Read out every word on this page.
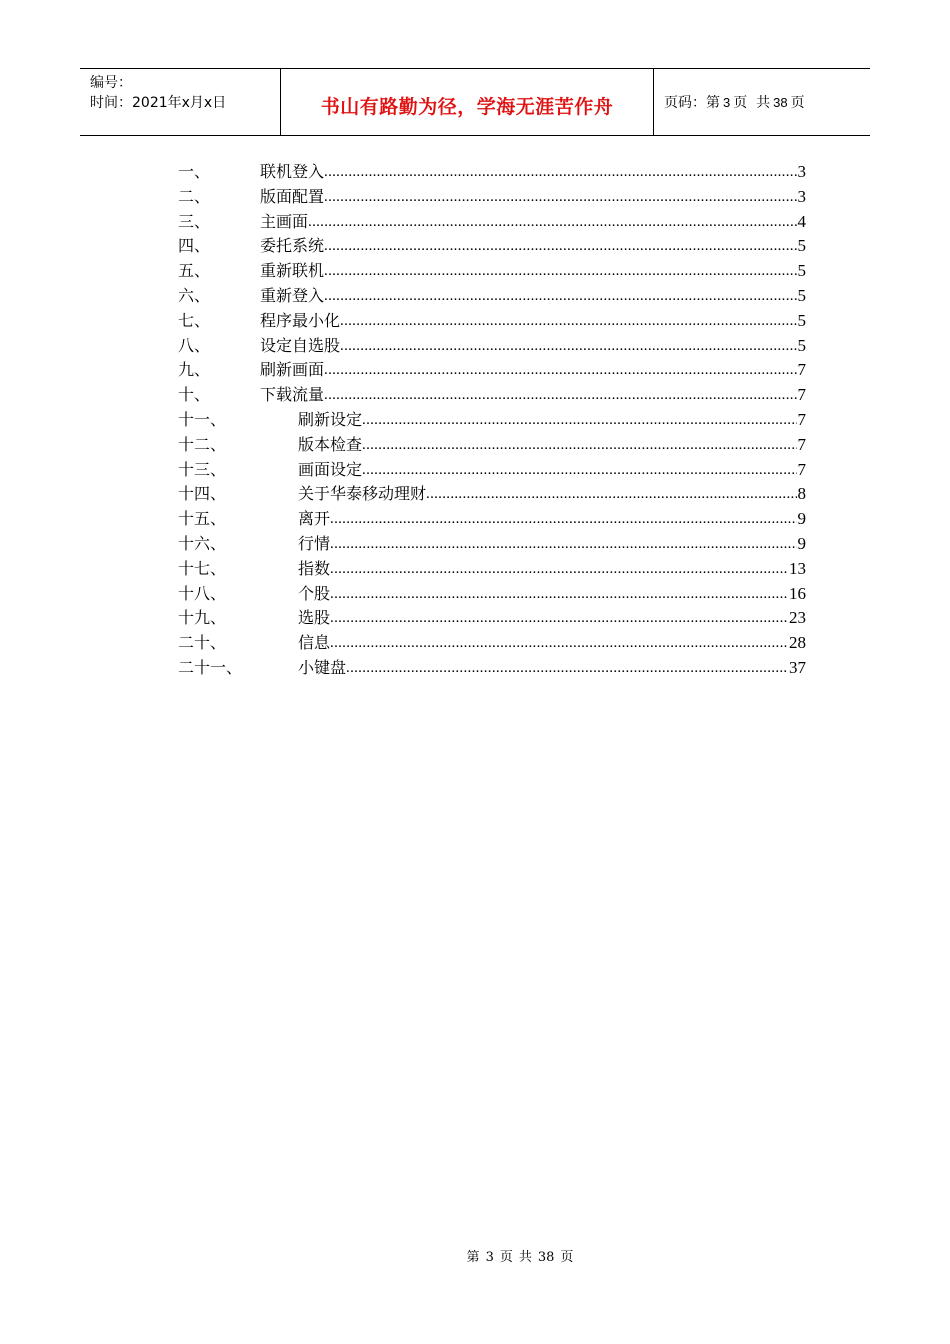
编号：
时间：2021年x月x日	书山有路勤为径，学海无涯苦作舟	页码：第 3 页  共 38 页
一、	联机登入 .....	3
二、	版面配置 .....	3
三、	主画面 .....	4
四、	委托系统 .....	5
五、	重新联机 .....	5
六、	重新登入 .....	5
七、	程序最小化 .....	5
八、	设定自选股 .....	5
九、	刷新画面 .....	7
十、	下载流量 .....	7
十一、	刷新设定 .....	7
十二、	版本检查 .....	7
十三、	画面设定 .....	7
十四、	关于华泰移动理财 .....	8
十五、	离开 .....	9
十六、	行情 .....	9
十七、	指数 .....	13
十八、	个股 .....	16
十九、	选股 .....	23
二十、	信息 .....	28
二十一、	小键盘 .....	37
第 3 页 共 38 页
